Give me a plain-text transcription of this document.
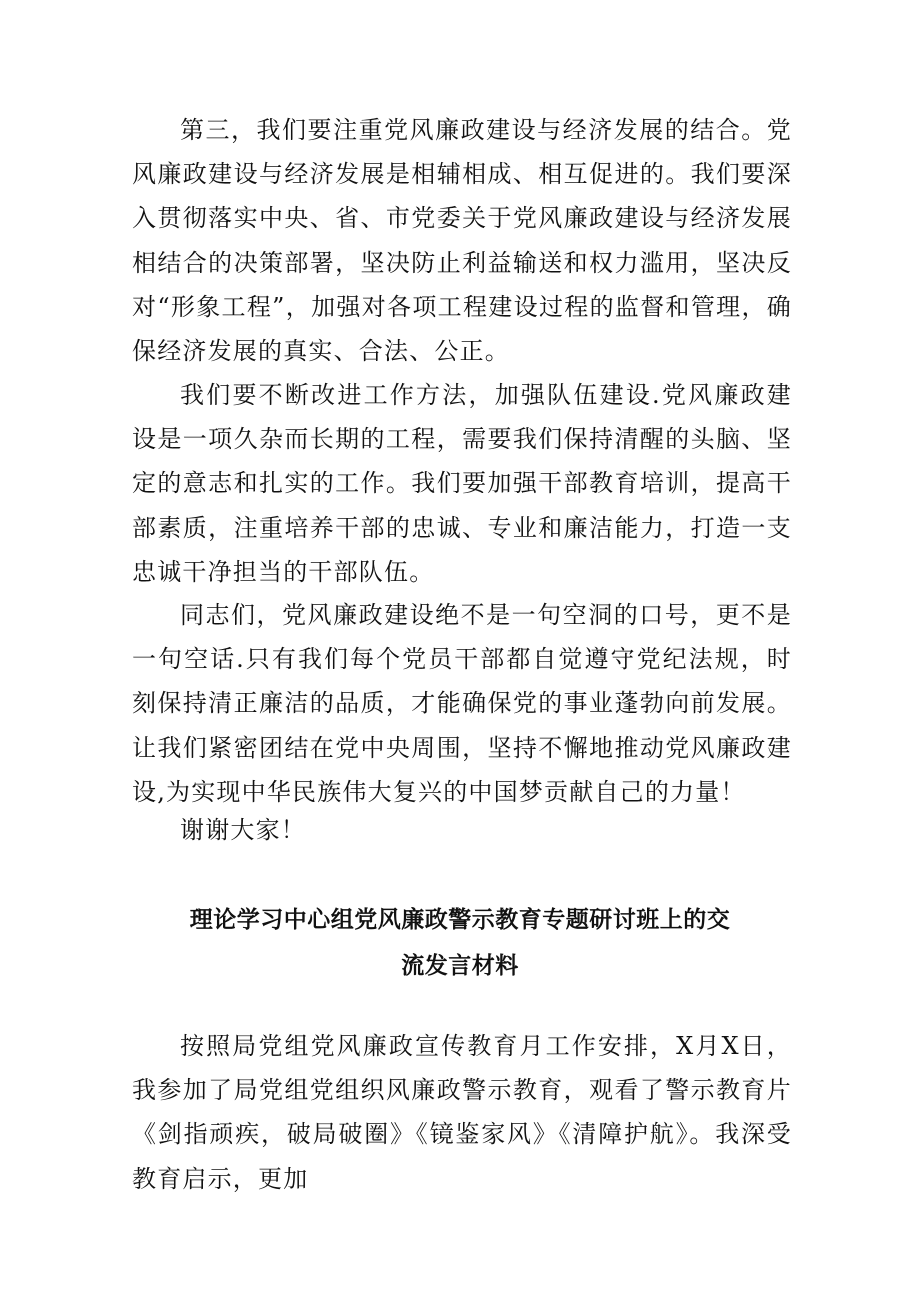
第三，我们要注重党风廉政建设与经济发展的结合。党风廉政建设与经济发展是相辅相成、相互促进的。我们要深入贯彻落实中央、省、市党委关于党风廉政建设与经济发展相结合的决策部署，坚决防止利益输送和权力滥用，坚决反对“形象工程”，加强对各项工程建设过程的监督和管理，确保经济发展的真实、合法、公正。

我们要不断改进工作方法，加强队伍建设.党风廉政建设是一项久杂而长期的工程，需要我们保持清醒的头脑、坚定的意志和扎实的工作。我们要加强干部教育培训，提高干部素质，注重培养干部的忠诚、专业和廉洁能力，打造一支忠诚干净担当的干部队伍。

同志们，党风廉政建设绝不是一句空洞的口号，更不是一句空话.只有我们每个党员干部都自觉遵守党纪法规，时刻保持清正廉洁的品质，才能确保党的事业蓬勃向前发展。让我们紧密团结在党中央周围，坚持不懈地推动党风廉政建设,为实现中华民族伟大复兴的中国梦贡献自己的力量！

谢谢大家！

理论学习中心组党风廉政警示教育专题研讨班上的交
流发言材料

按照局党组党风廉政宣传教育月工作安排，X月X日，我参加了局党组党组织风廉政警示教育，观看了警示教育片《剑指顽疾，破局破圈》《镜鉴家风》《清障护航》。我深受教育启示，更加
